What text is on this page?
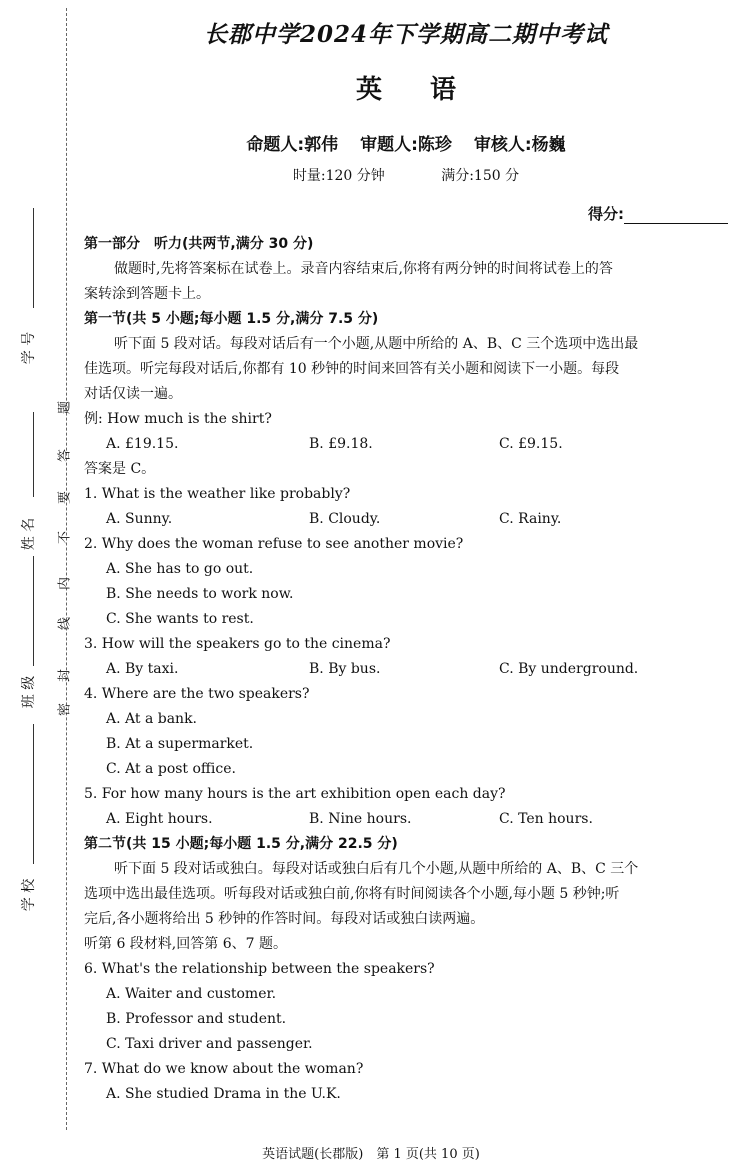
学 号
姓 名
班 级
学 校
密
封
线
内
不
要
答
题
长郡中学2024年下学期高二期中考试
英语
命题人:郭伟 审题人:陈珍 审核人:杨巍
时量:120 分钟	满分:150 分
得分:
第一部分　听力(共两节,满分 30 分)
做题时,先将答案标在试卷上。录音内容结束后,你将有两分钟的时间将试卷上的答
案转涂到答题卡上。
第一节(共 5 小题;每小题 1.5 分,满分 7.5 分)
听下面 5 段对话。每段对话后有一个小题,从题中所给的 A、B、C 三个选项中选出最
佳选项。听完每段对话后,你都有 10 秒钟的时间来回答有关小题和阅读下一小题。每段
对话仅读一遍。
例: How much is the shirt?
A. £19.15.	B. £9.18.	C. £9.15.
答案是 C。
1. What is the weather like probably?
A. Sunny.	B. Cloudy.	C. Rainy.
2. Why does the woman refuse to see another movie?
A. She has to go out.
B. She needs to work now.
C. She wants to rest.
3. How will the speakers go to the cinema?
A. By taxi.	B. By bus.	C. By underground.
4. Where are the two speakers?
A. At a bank.
B. At a supermarket.
C. At a post office.
5. For how many hours is the art exhibition open each day?
A. Eight hours.	B. Nine hours.	C. Ten hours.
第二节(共 15 小题;每小题 1.5 分,满分 22.5 分)
听下面 5 段对话或独白。每段对话或独白后有几个小题,从题中所给的 A、B、C 三个
选项中选出最佳选项。听每段对话或独白前,你将有时间阅读各个小题,每小题 5 秒钟;听
完后,各小题将给出 5 秒钟的作答时间。每段对话或独白读两遍。
听第 6 段材料,回答第 6、7 题。
6. What's the relationship between the speakers?
A. Waiter and customer.
B. Professor and student.
C. Taxi driver and passenger.
7. What do we know about the woman?
A. She studied Drama in the U.K.
英语试题(长郡版)　第 1 页(共 10 页)
